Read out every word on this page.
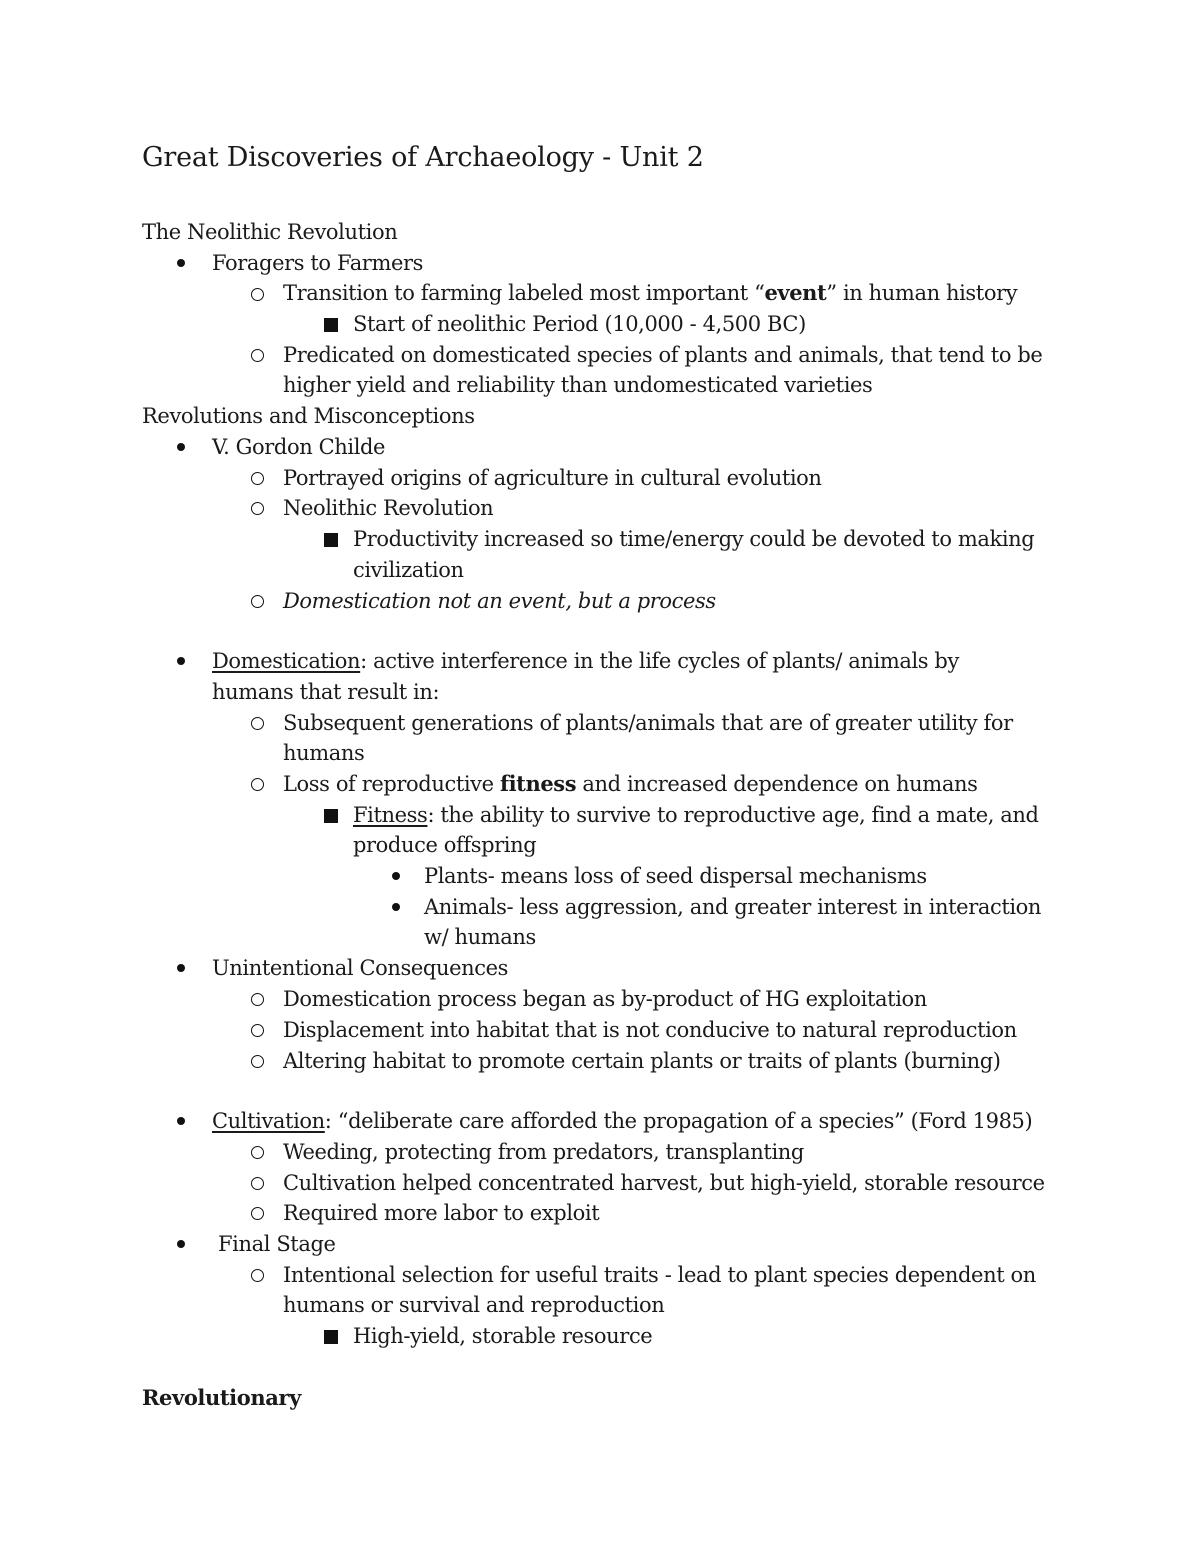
Great Discoveries of Archaeology - Unit 2
The Neolithic Revolution
Foragers to Farmers
Transition to farming labeled most important “event” in human history
Start of neolithic Period (10,000 - 4,500 BC)
Predicated on domesticated species of plants and animals, that tend to be
higher yield and reliability than undomesticated varieties
Revolutions and Misconceptions
V. Gordon Childe
Portrayed origins of agriculture in cultural evolution
Neolithic Revolution
Productivity increased so time/energy could be devoted to making
civilization
Domestication not an event, but a process
Domestication: active interference in the life cycles of plants/ animals by
humans that result in:
Subsequent generations of plants/animals that are of greater utility for
humans
Loss of reproductive fitness and increased dependence on humans
Fitness: the ability to survive to reproductive age, find a mate, and
produce offspring
Plants- means loss of seed dispersal mechanisms
Animals- less aggression, and greater interest in interaction
w/ humans
Unintentional Consequences
Domestication process began as by-product of HG exploitation
Displacement into habitat that is not conducive to natural reproduction
Altering habitat to promote certain plants or traits of plants (burning)
Cultivation: “deliberate care afforded the propagation of a species” (Ford 1985)
Weeding, protecting from predators, transplanting
Cultivation helped concentrated harvest, but high-yield, storable resource
Required more labor to exploit
Final Stage
Intentional selection for useful traits - lead to plant species dependent on
humans or survival and reproduction
High-yield, storable resource
Revolutionary
